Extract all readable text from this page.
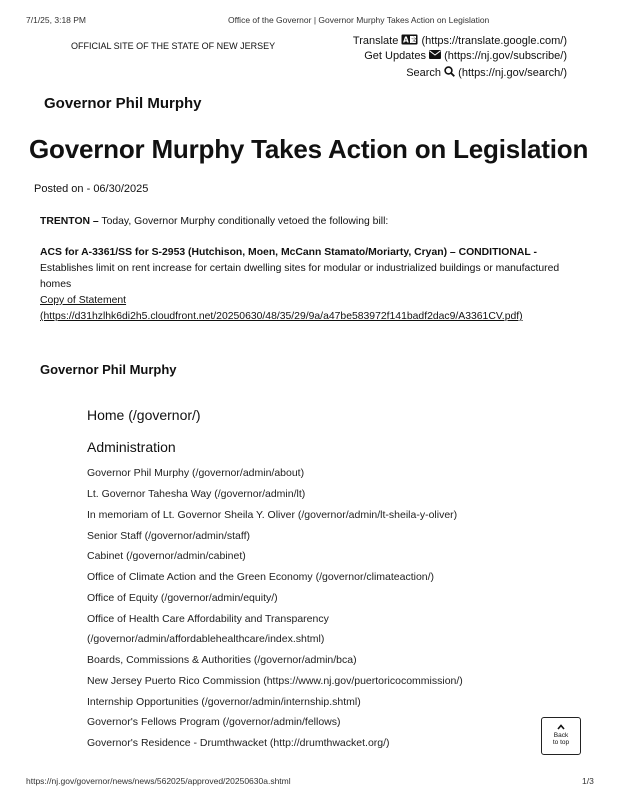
7/1/25, 3:18 PM	Office of the Governor | Governor Murphy Takes Action on Legislation
OFFICIAL SITE OF THE STATE OF NEW JERSEY	Translate A 文 (https://translate.google.com/)
Get Updates (https://nj.gov/subscribe/)
Search (https://nj.gov/search/)
Governor Phil Murphy
Governor Murphy Takes Action on Legislation
Posted on - 06/30/2025
TRENTON – Today, Governor Murphy conditionally vetoed the following bill:
ACS for A-3361/SS for S-2953 (Hutchison, Moen, McCann Stamato/Moriarty, Cryan) – CONDITIONAL - Establishes limit on rent increase for certain dwelling sites for modular or industrialized buildings or manufactured homes
Copy of Statement
(https://d31hzlhk6di2h5.cloudfront.net/20250630/48/35/29/9a/a47be583972f141badf2dac9/A3361CV.pdf)
Governor Phil Murphy
Home (/governor/)
Administration
Governor Phil Murphy (/governor/admin/about)
Lt. Governor Tahesha Way (/governor/admin/lt)
In memoriam of Lt. Governor Sheila Y. Oliver (/governor/admin/lt-sheila-y-oliver)
Senior Staff (/governor/admin/staff)
Cabinet (/governor/admin/cabinet)
Office of Climate Action and the Green Economy (/governor/climateaction/)
Office of Equity (/governor/admin/equity/)
Office of Health Care Affordability and Transparency
(/governor/admin/affordablehealthcare/index.shtml)
Boards, Commissions & Authorities (/governor/admin/bca)
New Jersey Puerto Rico Commission (https://www.nj.gov/puertoricocommission/)
Internship Opportunities (/governor/admin/internship.shtml)
Governor's Fellows Program (/governor/admin/fellows)
Governor's Residence - Drumthwacket (http://drumthwacket.org/)

Back
to top
https://nj.gov/governor/news/news/562025/approved/20250630a.shtml	1/3
